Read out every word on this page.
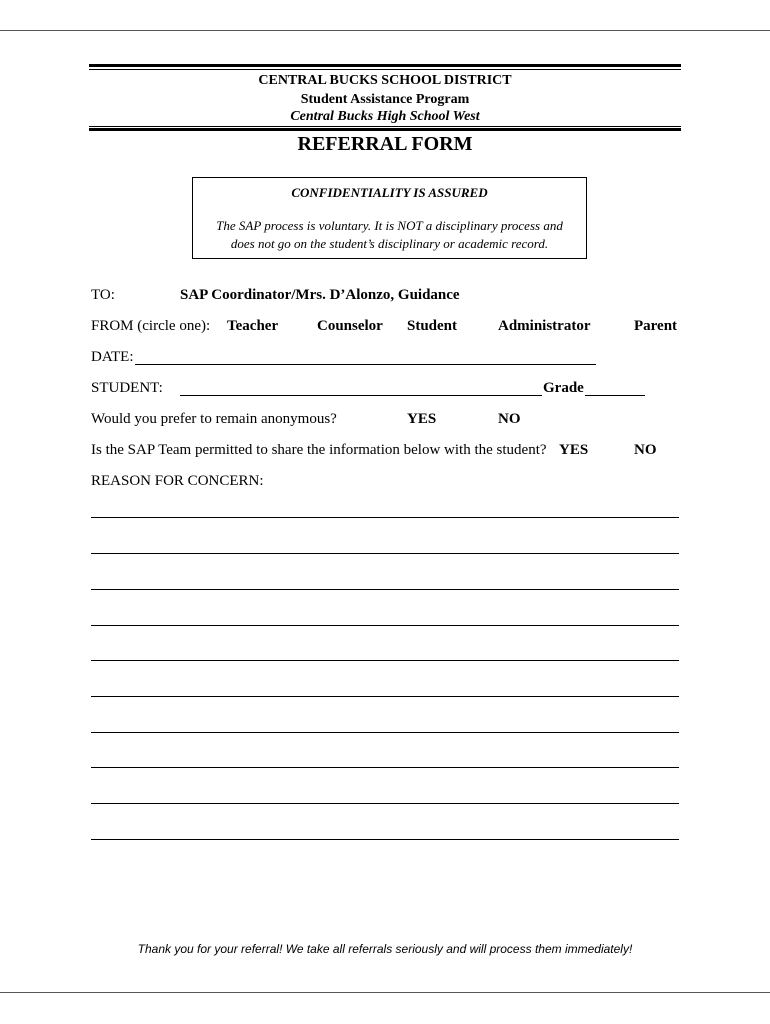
CENTRAL BUCKS SCHOOL DISTRICT
Student Assistance Program
Central Bucks High School West
REFERRAL FORM
CONFIDENTIALITY IS ASSURED
The SAP process is voluntary. It is NOT a disciplinary process and
does not go on the student’s disciplinary or academic record.
TO:	SAP Coordinator/Mrs. D’Alonzo, Guidance
FROM (circle one): Teacher	Counselor Student	Administrator	Parent
DATE:
STUDENT:	Grade
Would you prefer to remain anonymous?	YES	NO
Is the SAP Team permitted to share the information below with the student? YES	NO
REASON FOR CONCERN:
Thank you for your referral! We take all referrals seriously and will process them immediately!
